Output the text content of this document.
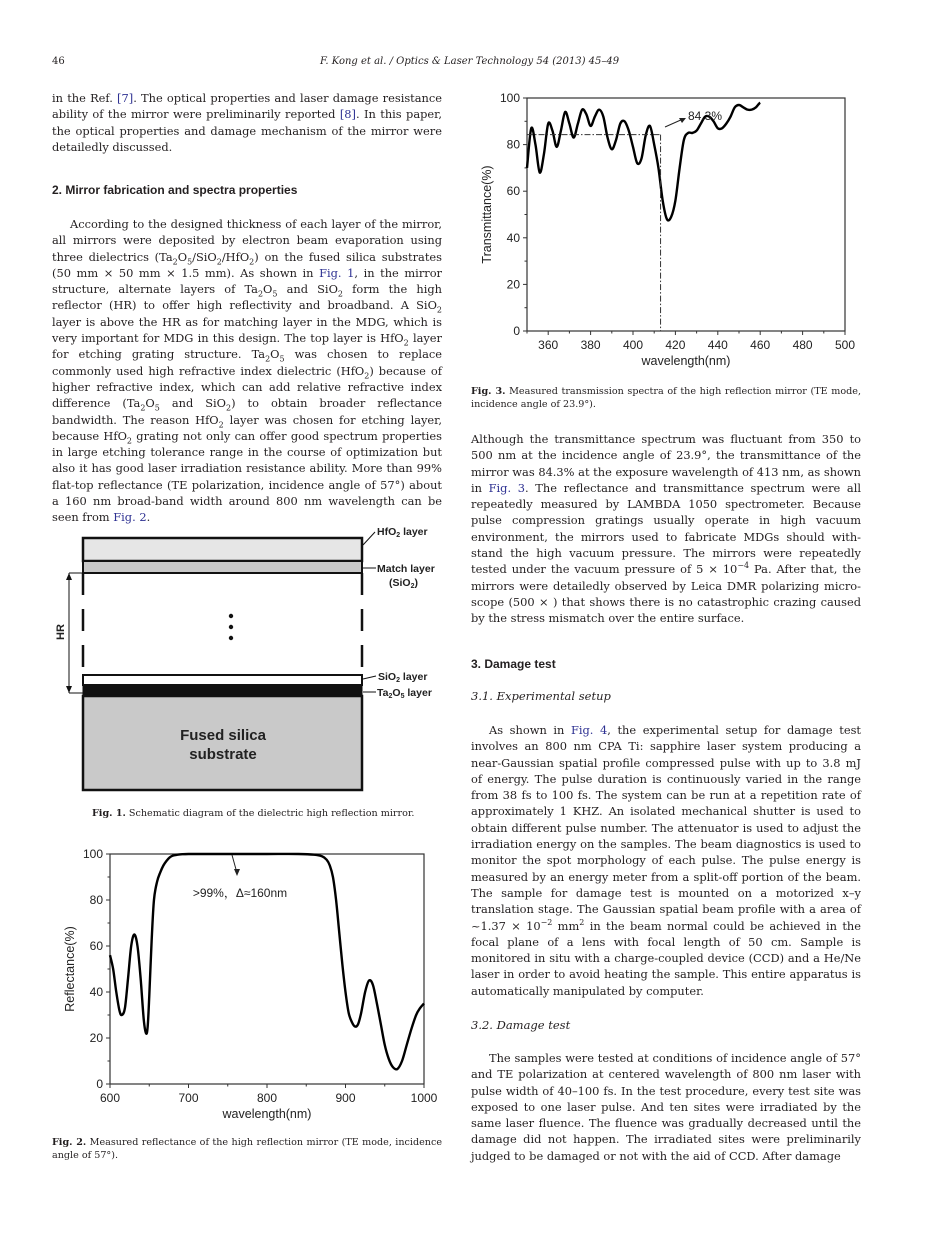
46	F. Kong et al. / Optics & Laser Technology 54 (2013) 45–49

in the Ref. [7]. The optical properties and laser damage resistance ability of the mirror were preliminarily reported [8]. In this paper, the optical properties and damage mechanism of the mirror were detailedly discussed.

2. Mirror fabrication and spectra properties

According to the designed thickness of each layer of the mirror, all mirrors were deposited by electron beam evaporation using three dielectrics $(Ta_2O_5/SiO_2/HfO_2)$ on the fused silica substrates (50 mm × 50 mm × 1.5 mm). As shown in Fig. 1, in the mirror structure, alternate layers of $Ta_2O_5$ and SiO$_2$ form the high reflector (HR) to offer high reflectivity and broadband. A SiO$_2$ layer is above the HR as for matching layer in the MDG, which is very important for MDG in this design. The top layer is HfO$_2$ layer for etching grating structure. $Ta_2O_5$ was chosen to replace commonly used high refractive index dielectric (HfO$_2$) because of higher refractive index, which can add relative refractive index difference ($Ta_2O_5$ and SiO$_2$) to obtain broader reflectance bandwidth. The reason HfO$_2$ layer was chosen for etching layer, because HfO$_2$ grating not only can offer good spectrum properties in large etching tolerance range in the course of optimization but also it has good laser irradiation resistance ability. More than 99% flat-top reflectance (TE polarization, incidence angle of 57°) about a 160 nm broad-band width around 800 nm wavelength can be seen from Fig. 2.

Fused silica
substrate
HR
HfO2 layer
Match layer
(SiO2)
SiO2 layer
Ta2O5 layer
Fig. 1. Schematic diagram of the dielectric high reflection mirror.
0
20
40
60
80
100
600	700	800	900	1000
wavelength(nm)
Reflectance(%)
>99%，Δ≈160nm
Fig. 2. Measured reflectance of the high reflection mirror (TE mode, incidence angle of 57°).
0
20
40
60
80
100
360 380 400 420 440 460 480 500
wavelength(nm)
Transmittance(%)
84.3%
Fig. 3. Measured transmission spectra of the high reflection mirror (TE mode, incidence angle of 23.9°).

Although the transmittance spectrum was fluctuant from 350 to 500 nm at the incidence angle of 23.9°, the transmittance of the mirror was 84.3% at the exposure wavelength of 413 nm, as shown in Fig. 3. The reflectance and transmittance spectrum were all repeatedly measured by LAMBDA 1050 spectrometer. Because pulse compression gratings usually operate in high vacuum environment, the mirrors used to fabricate MDGs should with-stand the high vacuum pressure. The mirrors were repeatedly tested under the vacuum pressure of $5 \times 10^{-4}$ Pa. After that, the mirrors were detailedly observed by Leica DMR polarizing micro-scope (500 × ) that shows there is no catastrophic crazing caused by the stress mismatch over the entire surface.

3. Damage test
3.1. Experimental setup

As shown in Fig. 4, the experimental setup for damage test involves an 800 nm CPA Ti: sapphire laser system producing a near-Gaussian spatial profile compressed pulse with up to 3.8 mJ of energy. The pulse duration is continuously varied in the range from 38 fs to 100 fs. The system can be run at a repetition rate of approximately 1 KHZ. An isolated mechanical shutter is used to obtain different pulse number. The attenuator is used to adjust the irradiation energy on the samples. The beam diagnostics is used to monitor the spot morphology of each pulse. The pulse energy is measured by an energy meter from a split-off portion of the beam. The sample for damage test is mounted on a motorized x–y translation stage. The Gaussian spatial beam profile with a area of ~1.37 × $10^{-2}$ $mm^2$ in the beam normal could be achieved in the focal plane of a lens with focal length of 50 cm. Sample is monitored in situ with a charge-coupled device (CCD) and a He/Ne laser in order to avoid heating the sample. This entire apparatus is automatically manipulated by computer.

3.2. Damage test

The samples were tested at conditions of incidence angle of 57° and TE polarization at centered wavelength of 800 nm laser with pulse width of 40–100 fs. In the test procedure, every test site was exposed to one laser pulse. And ten sites were irradiated by the same laser fluence. The fluence was gradually decreased until the damage did not happen. The irradiated sites were preliminarily judged to be damaged or not with the aid of CCD. After damage
